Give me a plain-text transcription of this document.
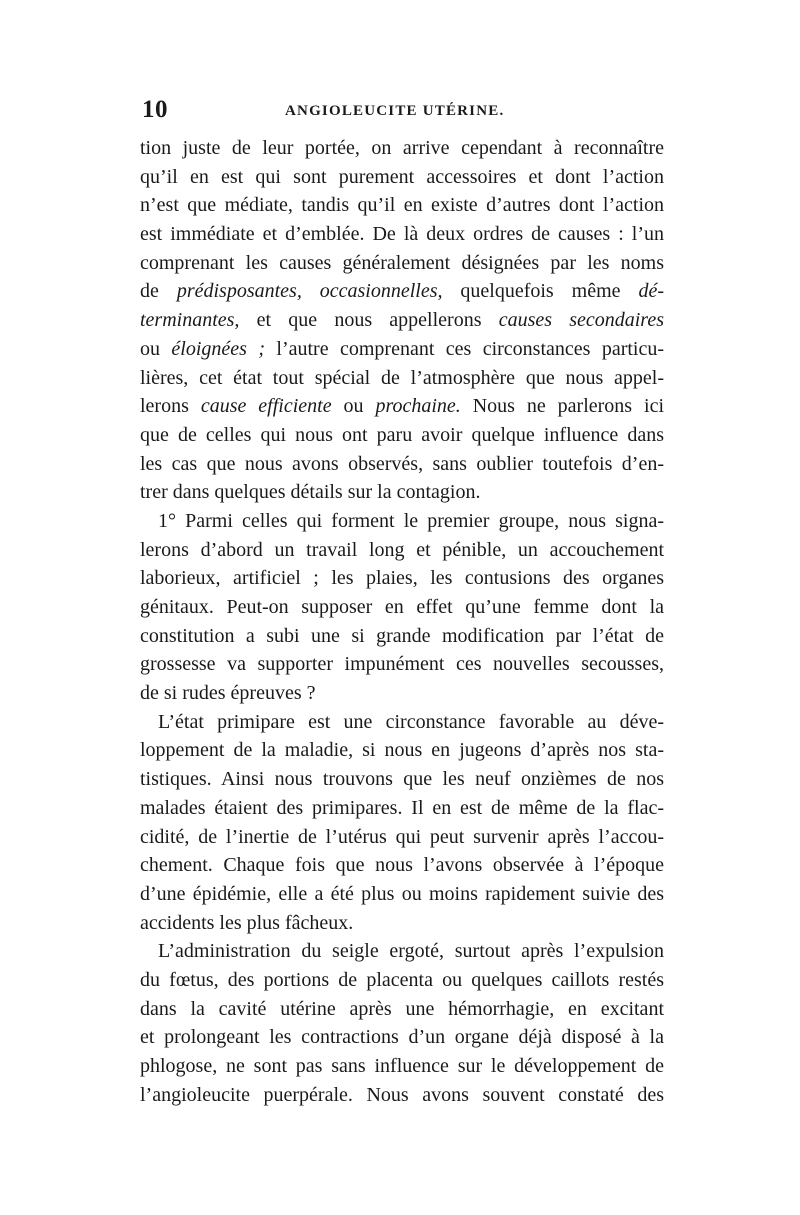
10	ANGIOLEUCITE UTÉRINE.
tion juste de leur portée, on arrive cependant à reconnaître
qu’il en est qui sont purement accessoires et dont l’action
n’est que médiate, tandis qu’il en existe d’autres dont l’action
est immédiate et d’emblée. De là deux ordres de causes : l’un
comprenant les causes généralement désignées par les noms
de prédisposantes, occasionnelles, quelquefois même dé-
terminantes, et que nous appellerons causes secondaires
ou éloignées ; l’autre comprenant ces circonstances particu-
lières, cet état tout spécial de l’atmosphère que nous appel-
lerons cause efficiente ou prochaine. Nous ne parlerons ici
que de celles qui nous ont paru avoir quelque influence dans
les cas que nous avons observés, sans oublier toutefois d’en-
trer dans quelques détails sur la contagion.
1° Parmi celles qui forment le premier groupe, nous signa-
lerons d’abord un travail long et pénible, un accouchement
laborieux, artificiel ; les plaies, les contusions des organes
génitaux. Peut-on supposer en effet qu’une femme dont la
constitution a subi une si grande modification par l’état de
grossesse va supporter impunément ces nouvelles secousses,
de si rudes épreuves ?
L’état primipare est une circonstance favorable au déve-
loppement de la maladie, si nous en jugeons d’après nos sta-
tistiques. Ainsi nous trouvons que les neuf onzièmes de nos
malades étaient des primipares. Il en est de même de la flac-
cidité, de l’inertie de l’utérus qui peut survenir après l’accou-
chement. Chaque fois que nous l’avons observée à l’époque
d’une épidémie, elle a été plus ou moins rapidement suivie des
accidents les plus fâcheux.
L’administration du seigle ergoté, surtout après l’expulsion
du fœtus, des portions de placenta ou quelques caillots restés
dans la cavité utérine après une hémorrhagie, en excitant
et prolongeant les contractions d’un organe déjà disposé à la
phlogose, ne sont pas sans influence sur le développement de
l’angioleucite puerpérale. Nous avons souvent constaté des
